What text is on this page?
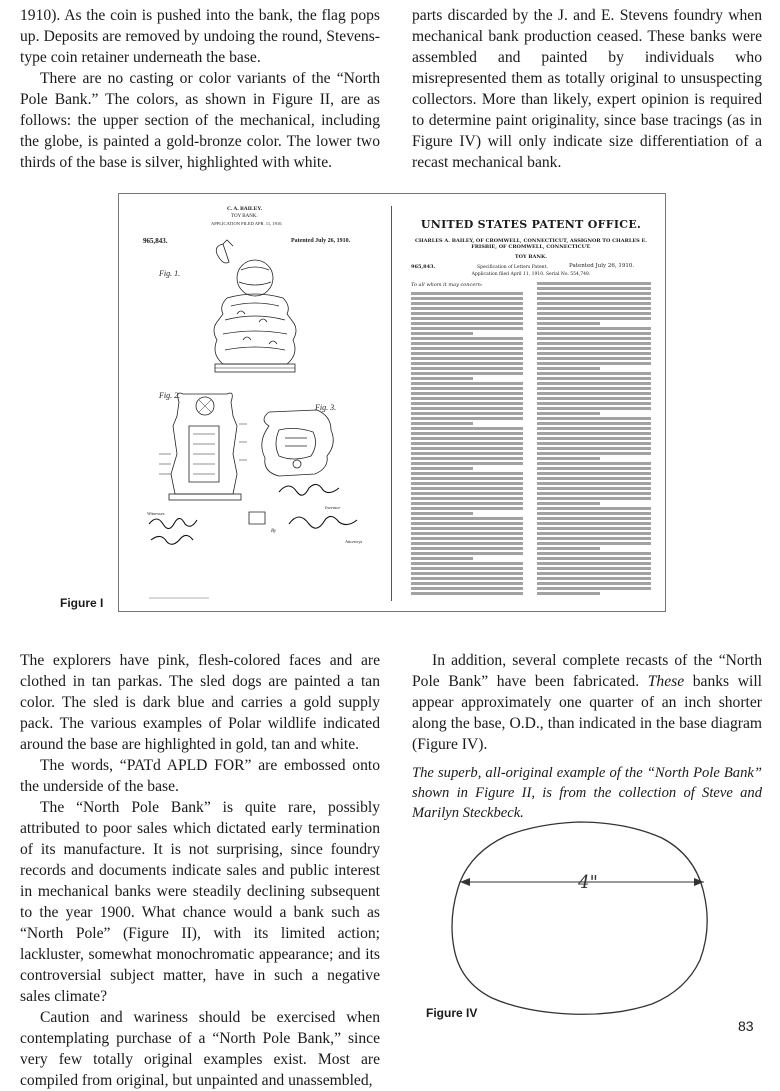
1910). As the coin is pushed into the bank, the flag pops up. Deposits are removed by undoing the round, Stevens-type coin retainer underneath the base.

There are no casting or color variants of the “North Pole Bank.” The colors, as shown in Figure II, are as follows: the upper section of the mechanical, including the globe, is painted a gold-bronze color. The lower two thirds of the base is silver, highlighted with white.

parts discarded by the J. and E. Stevens foundry when mechanical bank production ceased. These banks were assembled and painted by individuals who misrepresented them as totally original to unsuspecting collectors. More than likely, expert opinion is required to determine paint originality, since base tracings (as in Figure IV) will only indicate size differentiation of a recast mechanical bank.

C. A. BAILEY.
TOY BANK.
APPLICATION FILED APR. 11, 1910.
965,843.	Patented July 26, 1910.
Fig. 1.
Fig. 2.
Fig. 3.
Witnesses
Inventor
By
Attorneys
UNITED STATES PATENT OFFICE.
CHARLES A. BAILEY, OF CROMWELL, CONNECTICUT, ASSIGNOR TO CHARLES E. FRISBIE, OF CROMWELL, CONNECTICUT.
TOY BANK.
965,843.	Specification of Letters Patent.	Patented July 26, 1910.
Application filed April 11, 1910. Serial No. 554,748.
To all whom it may concern:
Figure I

The explorers have pink, flesh-colored faces and are clothed in tan parkas. The sled dogs are painted a tan color. The sled is dark blue and carries a gold supply pack. The various examples of Polar wildlife indicated around the base are highlighted in gold, tan and white.

The words, “PATd APLD FOR” are embossed onto the underside of the base.

The “North Pole Bank” is quite rare, possibly attributed to poor sales which dictated early termination of its manufacture. It is not surprising, since foundry records and documents indicate sales and public interest in mechanical banks were steadily declining subsequent to the year 1900. What chance would a bank such as “North Pole” (Figure II), with its limited action; lackluster, somewhat monochromatic appearance; and its controversial subject matter, have in such a negative sales climate?

Caution and wariness should be exercised when contemplating purchase of a “North Pole Bank,” since very few totally original examples exist. Most are compiled from original, but unpainted and unassembled,

In addition, several complete recasts of the “North Pole Bank” have been fabricated. These banks will appear approximately one quarter of an inch shorter along the base, O.D., than indicated in the base diagram (Figure IV).

The superb, all-original example of the “North Pole Bank” shown in Figure II, is from the collection of Steve and Marilyn Steckbeck.

4"
Figure IV
83
